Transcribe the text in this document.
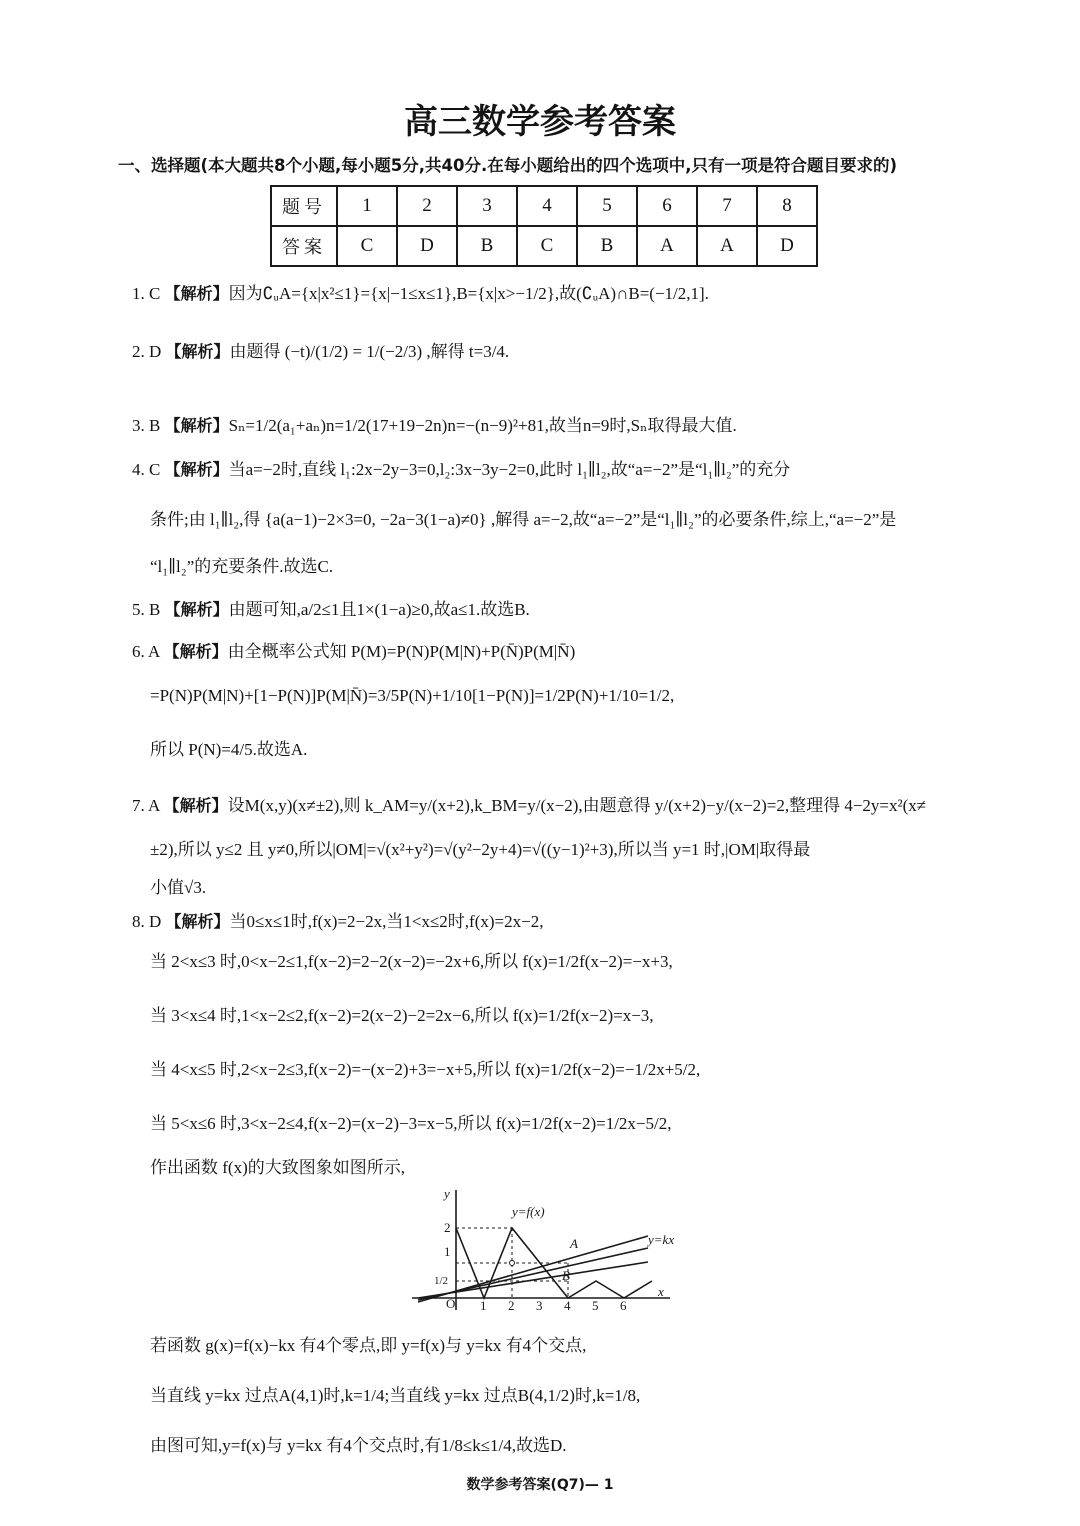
高三数学参考答案
一、选择题(本大题共8个小题,每小题5分,共40分.在每小题给出的四个选项中,只有一项是符合题目要求的)
题号	1	2	3	4	5	6	7	8
答案	C	D	B	C	B	A	A	D
1. C 【解析】因为∁ᵤA={x|x²≤1}={x|−1≤x≤1},B={x|x>−1/2},故(∁ᵤA)∩B=(−1/2,1].
2. D 【解析】由题得 (−t)/(1/2) = 1/(−2/3) ,解得 t=3/4.
3. B 【解析】Sₙ=1/2(a₁+aₙ)n=1/2(17+19−2n)n=−(n−9)²+81,故当n=9时,Sₙ取得最大值.
4. C 【解析】当a=−2时,直线 l₁:2x−2y−3=0,l₂:3x−3y−2=0,此时 l₁∥l₂,故“a=−2”是“l₁∥l₂”的充分
条件;由 l₁∥l₂,得 {a(a−1)−2×3=0, −2a−3(1−a)≠0} ,解得 a=−2,故“a=−2”是“l₁∥l₂”的必要条件,综上,“a=−2”是
“l₁∥l₂”的充要条件.故选C.
5. B 【解析】由题可知,a/2≤1且1×(1−a)≥0,故a≤1.故选B.
6. A 【解析】由全概率公式知 P(M)=P(N)P(M|N)+P(N̄)P(M|N̄)
=P(N)P(M|N)+[1−P(N)]P(M|N̄)=3/5P(N)+1/10[1−P(N)]=1/2P(N)+1/10=1/2,
所以 P(N)=4/5.故选A.
7. A 【解析】设M(x,y)(x≠±2),则 k_AM=y/(x+2),k_BM=y/(x−2),由题意得 y/(x+2)−y/(x−2)=2,整理得 4−2y=x²(x≠
±2),所以 y≤2 且 y≠0,所以|OM|=√(x²+y²)=√(y²−2y+4)=√((y−1)²+3),所以当 y=1 时,|OM|取得最
小值√3.
8. D 【解析】当0≤x≤1时,f(x)=2−2x,当1<x≤2时,f(x)=2x−2,
当 2<x≤3 时,0<x−2≤1,f(x−2)=2−2(x−2)=−2x+6,所以 f(x)=1/2f(x−2)=−x+3,
当 3<x≤4 时,1<x−2≤2,f(x−2)=2(x−2)−2=2x−6,所以 f(x)=1/2f(x−2)=x−3,
当 4<x≤5 时,2<x−2≤3,f(x−2)=−(x−2)+3=−x+5,所以 f(x)=1/2f(x−2)=−1/2x+5/2,
当 5<x≤6 时,3<x−2≤4,f(x−2)=(x−2)−3=x−5,所以 f(x)=1/2f(x−2)=1/2x−5/2,
作出函数 f(x)的大致图象如图所示,
y
x
y=f(x)
y=kx
A
B
O 1 2 3 4 5 6
2
1
1/2
若函数 g(x)=f(x)−kx 有4个零点,即 y=f(x)与 y=kx 有4个交点,
当直线 y=kx 过点A(4,1)时,k=1/4;当直线 y=kx 过点B(4,1/2)时,k=1/8,
由图可知,y=f(x)与 y=kx 有4个交点时,有1/8≤k≤1/4,故选D.
数学参考答案(Q7)— 1
